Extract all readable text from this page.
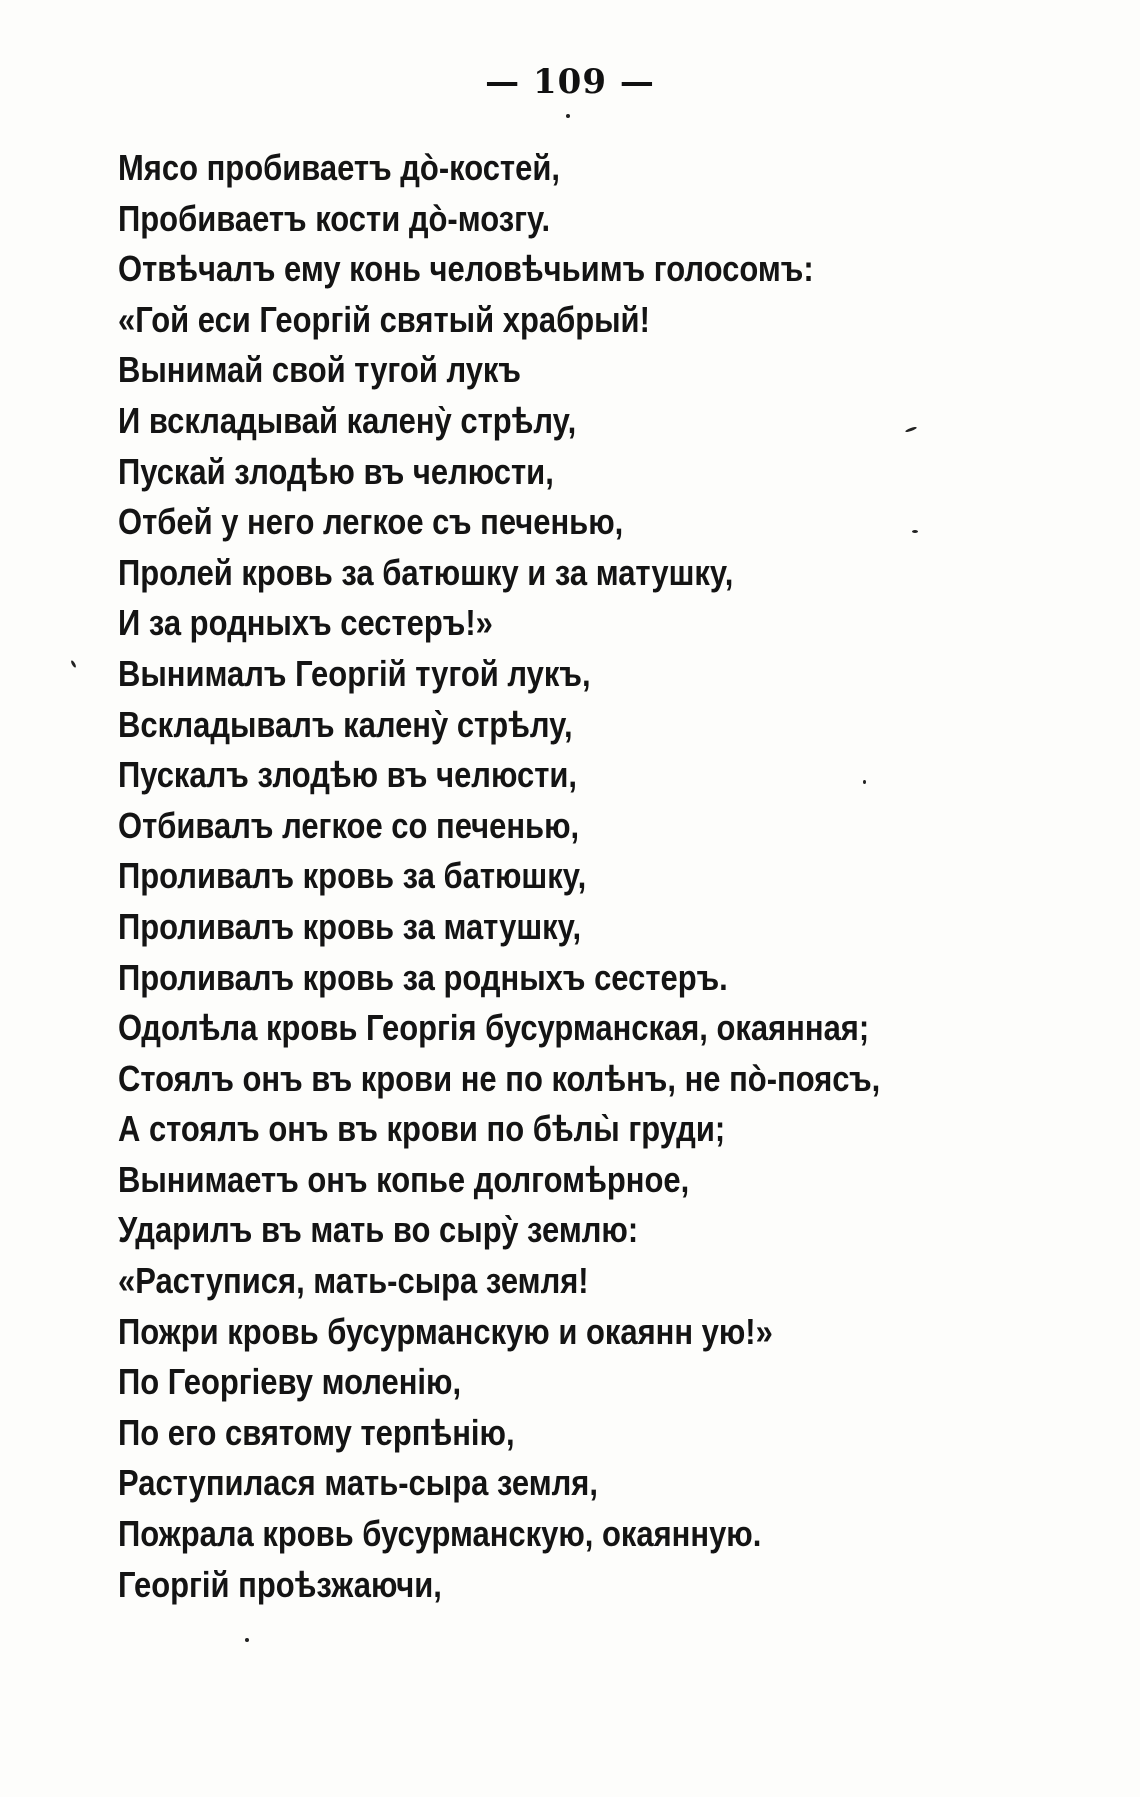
— 109 —
Мясо пробиваетъ дò-костей,
Пробиваетъ кости дò-мозгу.
Отвѣчалъ ему конь человѣчьимъ голосомъ:
«Гой еси Георгій святый храбрый!
Вынимай свой тугой лукъ
И вскладывай калену̀ стрѣлу,
Пускай злодѣю въ челюсти,
Отбей у него легкое съ печенью,
Пролей кровь за батюшку и за матушку,
И за родныхъ сестеръ!»
Вынималъ Георгій тугой лукъ,
Вскладывалъ калену̀ стрѣлу,
Пускалъ злодѣю въ челюсти,
Отбивалъ легкое со печенью,
Проливалъ кровь за батюшку,
Проливалъ кровь за матушку,
Проливалъ кровь за родныхъ сестеръ.
Одолѣла кровь Георгія бусурманская, окаянная;
Стоялъ онъ въ крови не по колѣнъ, не пò-поясъ,
А стоялъ онъ въ крови по бѣлы̀ груди;
Вынимаетъ онъ копье долгомѣрное,
Ударилъ въ мать во сыру̀ землю:
«Раступися, мать-сыра земля!
Пожри кровь бусурманскую и окаянн ую!»
По Георгіеву моленію,
По его святому терпѣнію,
Раступилася мать-сыра земля,
Пожрала кровь бусурманскую, окаянную.
Георгій проѣзжаючи,
